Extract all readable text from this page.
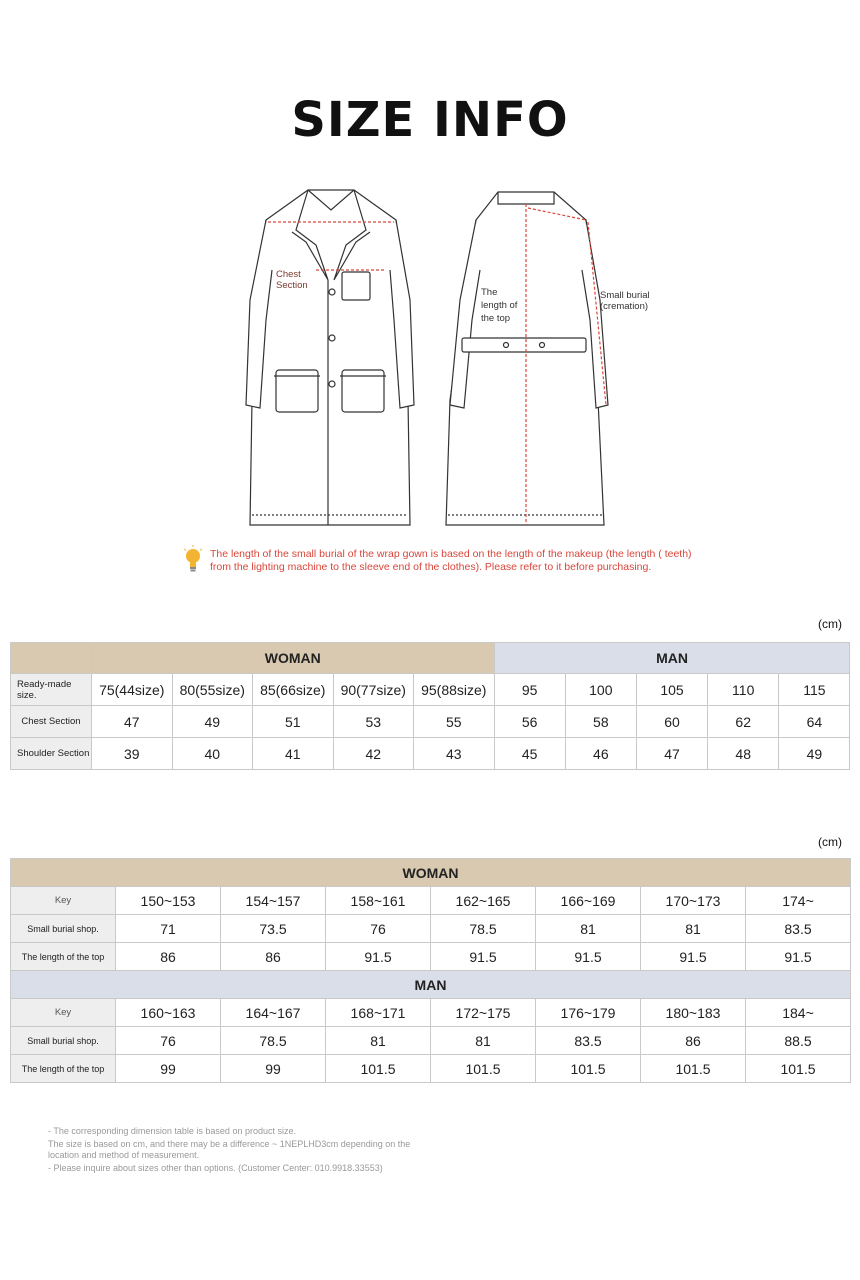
SIZE INFO
Chest Section
The length of the top
Small burial (cremation)

The length of the small burial of the wrap gown is based on the length of the makeup (the length ( teeth) from the lighting machine to the sleeve end of the clothes). Please refer to it before purchasing.

(cm)
	WOMAN					MAN				
Ready-made size.	75(44size)	80(55size)	85(66size)	90(77size)	95(88size)	95	100	105	110	115
Chest Section	47	49	51	53	55	56	58	60	62	64
Shoulder Section	39	40	41	42	43	45	46	47	48	49
(cm)
WOMAN							
Key	150~153	154~157	158~161	162~165	166~169	170~173	174~
Small burial shop.	71	73.5	76	78.5	81	81	83.5
The length of the top	86	86	91.5	91.5	91.5	91.5	91.5
MAN							
Key	160~163	164~167	168~171	172~175	176~179	180~183	184~
Small burial shop.	76	78.5	81	81	83.5	86	88.5
The length of the top	99	99	101.5	101.5	101.5	101.5	101.5

- The corresponding dimension table is based on product size.

The size is based on cm, and there may be a difference ~ 1NEPLHD3cm depending on the location and method of measurement.

- Please inquire about sizes other than options. (Customer Center: 010.9918.33553)
